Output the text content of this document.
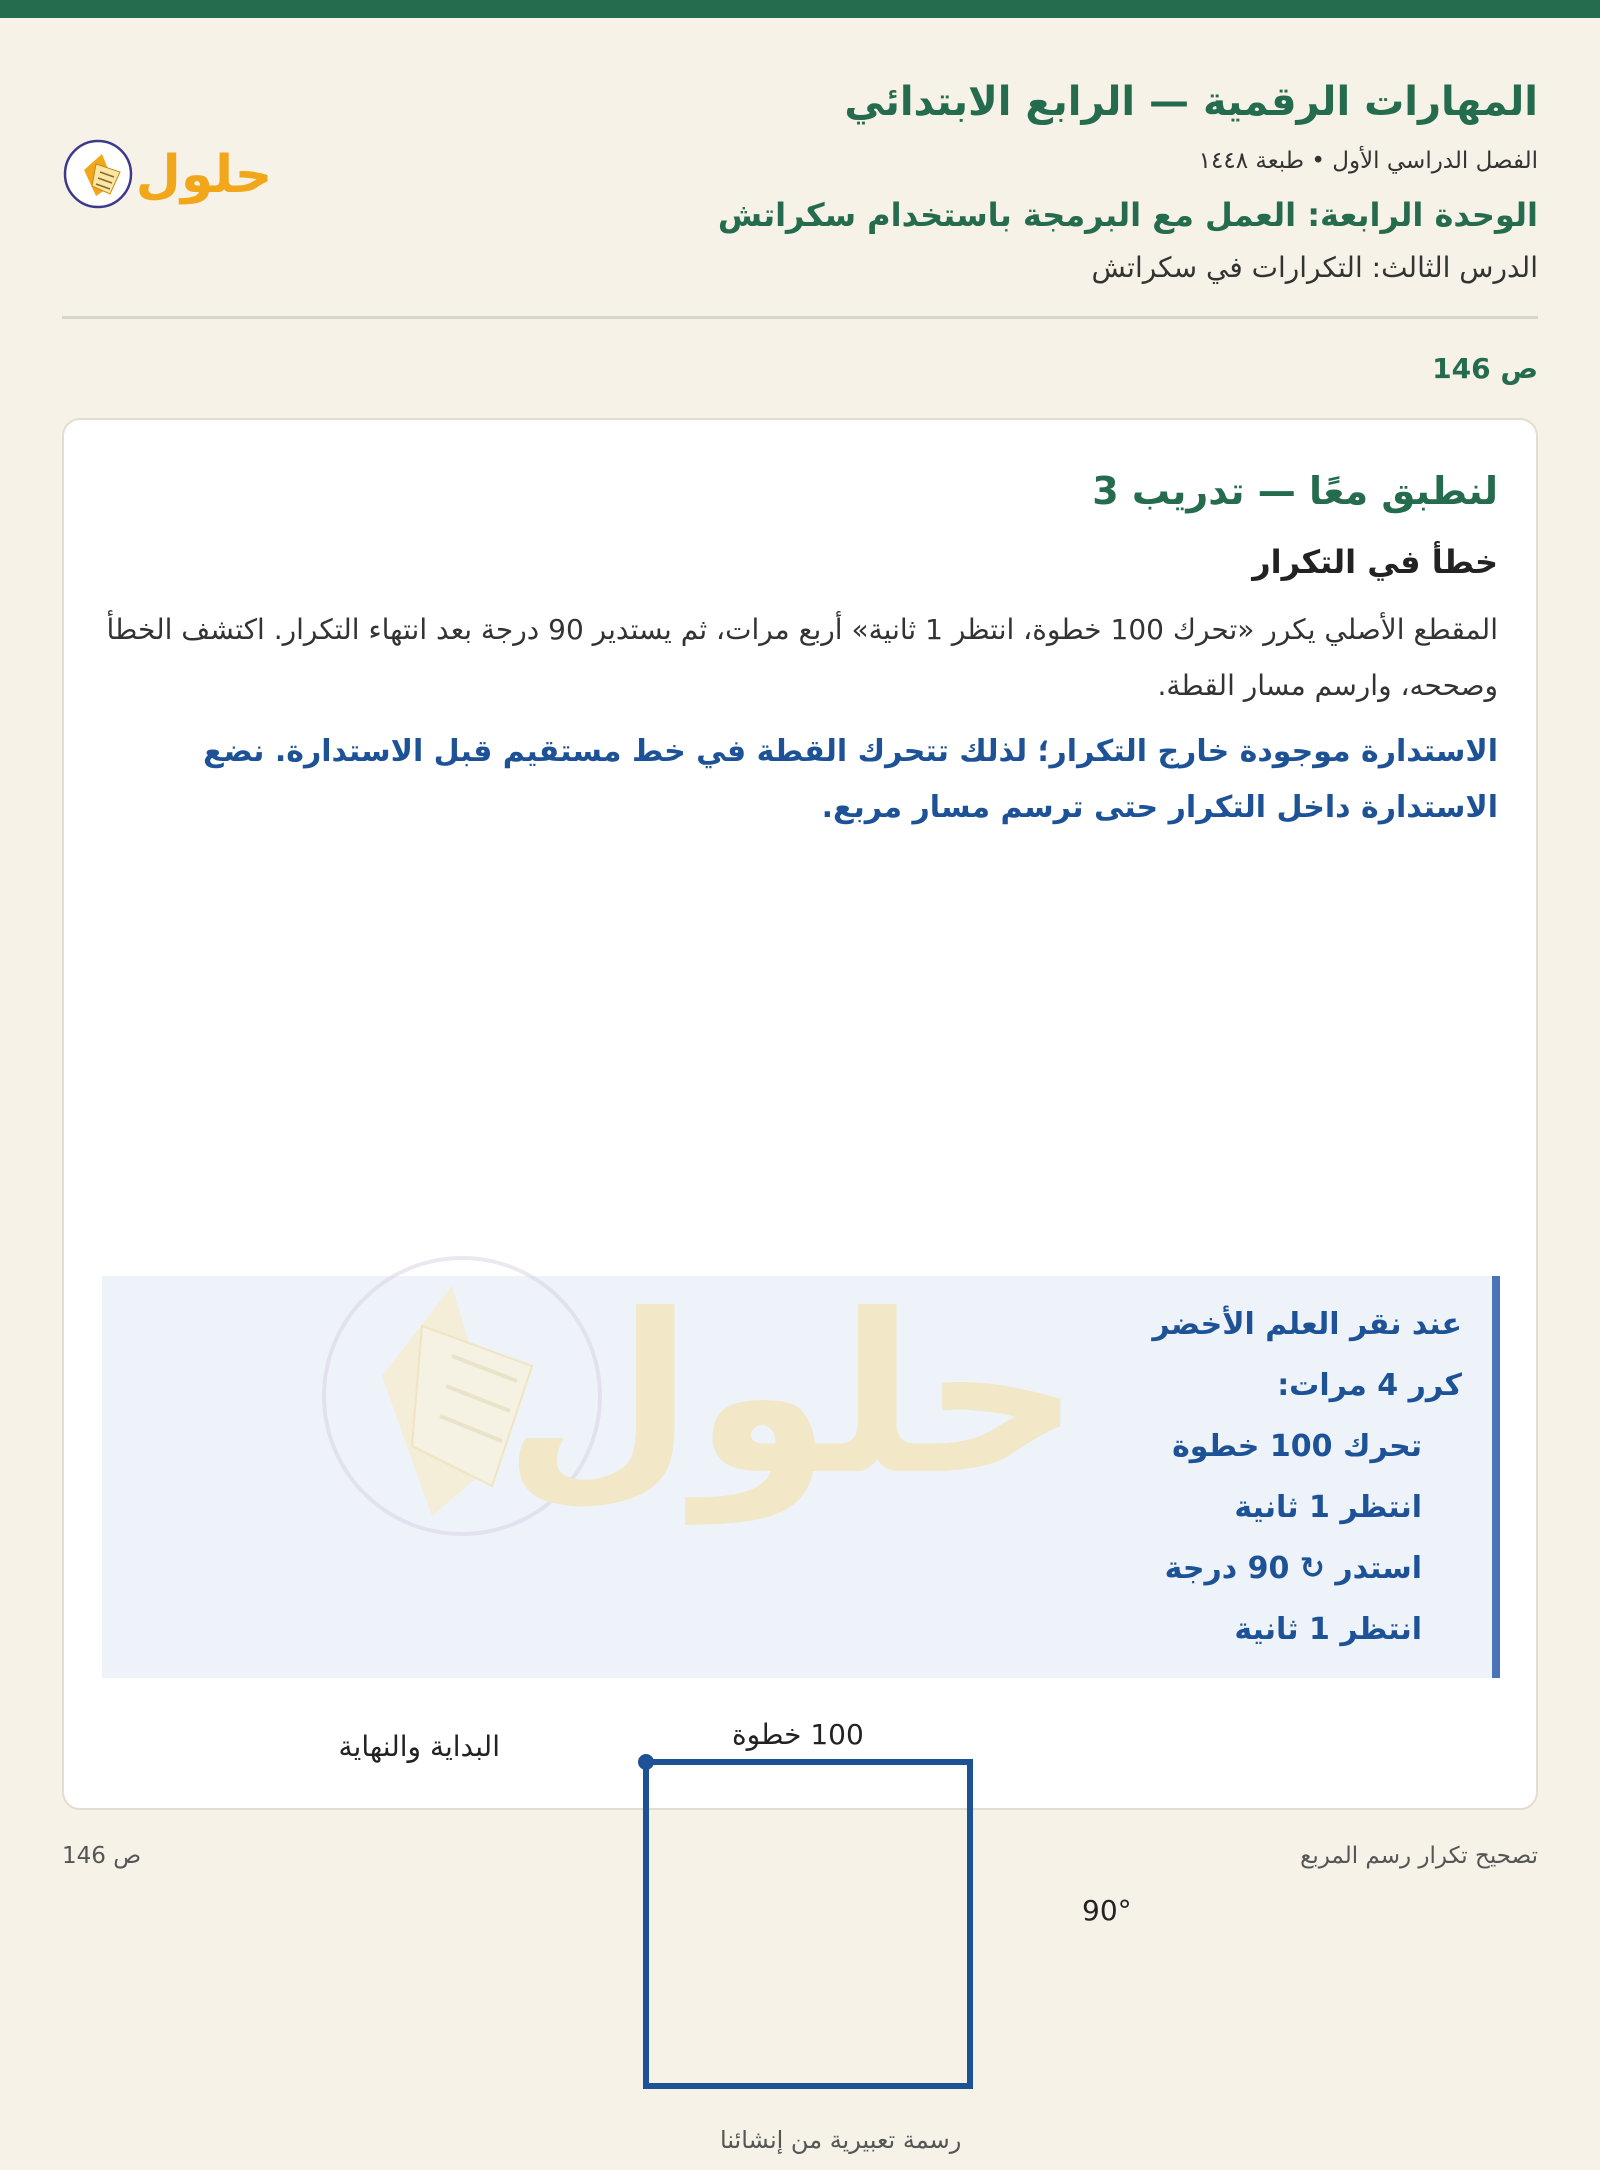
المهارات الرقمية — الرابع الابتدائي
الفصل الدراسي الأول • طبعة ١٤٤٨
الوحدة الرابعة: العمل مع البرمجة باستخدام سكراتش
الدرس الثالث: التكرارات في سكراتش
حلول
ص 146
لنطبق معًا — تدريب 3
خطأ في التكرار
المقطع الأصلي يكرر «تحرك 100 خطوة، انتظر 1 ثانية» أربع مرات، ثم يستدير 90 درجة بعد انتهاء التكرار. اكتشف الخطأ وصححه، وارسم مسار القطة.
الاستدارة موجودة خارج التكرار؛ لذلك تتحرك القطة في خط مستقيم قبل الاستدارة. نضع الاستدارة داخل التكرار حتى ترسم مسار مربع.
حلول عند نقر العلم الأخضر
كرر 4 مرات:
تحرك 100 خطوة
انتظر 1 ثانية
استدر ↻ 90 درجة
انتظر 1 ثانية
البداية والنهاية	100 خطوة
90°
رسمة تعبيرية من إنشائنا
ص 146	تصحيح تكرار رسم المربع
